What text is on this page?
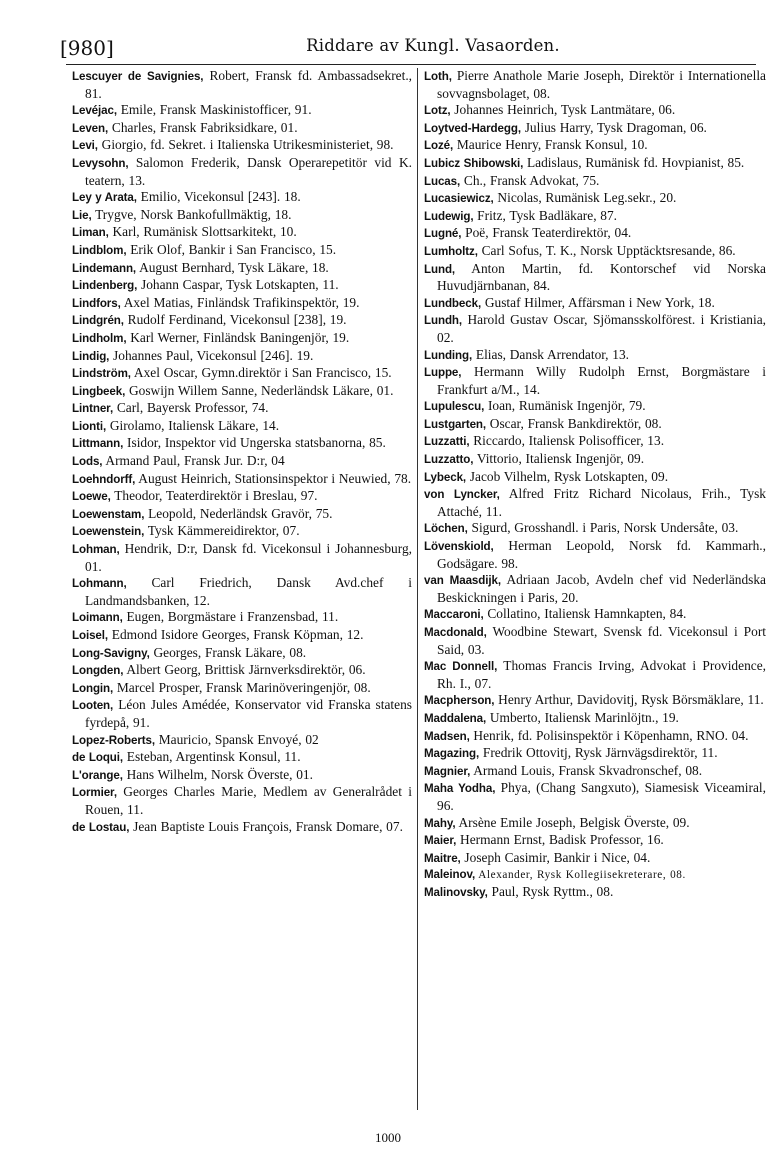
[980]	Riddare av Kungl. Vasaorden.

Lescuyer de Savignies, Robert, Fransk fd. Ambassadsekret., 81.

Levéjac, Emile, Fransk Maskinistofficer, 91.

Leven, Charles, Fransk Fabriksidkare, 01.

Levi, Giorgio, fd. Sekret. i Italienska Utrikesministeriet, 98.

Levysohn, Salomon Frederik, Dansk Operarepetitör vid K. teatern, 13.

Ley y Arata, Emilio, Vicekonsul [243]. 18.

Lie, Trygve, Norsk Bankofullmäktig, 18.

Liman, Karl, Rumänisk Slottsarkitekt, 10.

Lindblom, Erik Olof, Bankir i San Francisco, 15.

Lindemann, August Bernhard, Tysk Läkare, 18.

Lindenberg, Johann Caspar, Tysk Lotskapten, 11.

Lindfors, Axel Matias, Finländsk Trafikinspektör, 19.

Lindgrén, Rudolf Ferdinand, Vicekonsul [238], 19.

Lindholm, Karl Werner, Finländsk Baningenjör, 19.

Lindig, Johannes Paul, Vicekonsul [246]. 19.

Lindström, Axel Oscar, Gymn.direktör i San Francisco, 15.

Lingbeek, Goswijn Willem Sanne, Nederländsk Läkare, 01.

Lintner, Carl, Bayersk Professor, 74.

Lionti, Girolamo, Italiensk Läkare, 14.

Littmann, Isidor, Inspektor vid Ungerska statsbanorna, 85.

Lods, Armand Paul, Fransk Jur. D:r, 04

Loehndorff, August Heinrich, Stationsinspektor i Neuwied, 78.

Loewe, Theodor, Teaterdirektör i Breslau, 97.

Loewenstam, Leopold, Nederländsk Gravör, 75.

Loewenstein, Tysk Kämmereidirektor, 07.

Lohman, Hendrik, D:r, Dansk fd. Vicekonsul i Johannesburg, 01.

Lohmann, Carl Friedrich, Dansk Avd.chef i Landmandsbanken, 12.

Loimann, Eugen, Borgmästare i Franzensbad, 11.

Loisel, Edmond Isidore Georges, Fransk Köpman, 12.

Long-Savigny, Georges, Fransk Läkare, 08.

Longden, Albert Georg, Brittisk Järnverksdirektör, 06.

Longin, Marcel Prosper, Fransk Marinöveringenjör, 08.

Looten, Léon Jules Amédée, Konservator vid Franska statens fyrdepå, 91.

Lopez-Roberts, Mauricio, Spansk Envoyé, 02

de Loqui, Esteban, Argentinsk Konsul, 11.

L'orange, Hans Wilhelm, Norsk Överste, 01.

Lormier, Georges Charles Marie, Medlem av Generalrådet i Rouen, 11.

de Lostau, Jean Baptiste Louis François, Fransk Domare, 07.

Loth, Pierre Anathole Marie Joseph, Direktör i Internationella sovvagnsbolaget, 08.

Lotz, Johannes Heinrich, Tysk Lantmätare, 06.

Loytved-Hardegg, Julius Harry, Tysk Dragoman, 06.

Lozé, Maurice Henry, Fransk Konsul, 10.

Lubicz Shibowski, Ladislaus, Rumänisk fd. Hovpianist, 85.

Lucas, Ch., Fransk Advokat, 75.

Lucasiewicz, Nicolas, Rumänisk Leg.sekr., 20.

Ludewig, Fritz, Tysk Badläkare, 87.

Lugné, Poë, Fransk Teaterdirektör, 04.

Lumholtz, Carl Sofus, T. K., Norsk Upptäcktsresande, 86.

Lund, Anton Martin, fd. Kontorschef vid Norska Huvudjärnbanan, 84.

Lundbeck, Gustaf Hilmer, Affärsman i New York, 18.

Lundh, Harold Gustav Oscar, Sjömansskolförest. i Kristiania, 02.

Lunding, Elias, Dansk Arrendator, 13.

Luppe, Hermann Willy Rudolph Ernst, Borgmästare i Frankfurt a/M., 14.

Lupulescu, Ioan, Rumänisk Ingenjör, 79.

Lustgarten, Oscar, Fransk Bankdirektör, 08.

Luzzatti, Riccardo, Italiensk Polisofficer, 13.

Luzzatto, Vittorio, Italiensk Ingenjör, 09.

Lybeck, Jacob Vilhelm, Rysk Lotskapten, 09.

von Lyncker, Alfred Fritz Richard Nicolaus, Frih., Tysk Attaché, 11.

Löchen, Sigurd, Grosshandl. i Paris, Norsk Undersåte, 03.

Lövenskiold, Herman Leopold, Norsk fd. Kammarh., Godsägare. 98.

van Maasdijk, Adriaan Jacob, Avdeln chef vid Nederländska Beskickningen i Paris, 20.

Maccaroni, Collatino, Italiensk Hamnkapten, 84.

Macdonald, Woodbine Stewart, Svensk fd. Vicekonsul i Port Said, 03.

Mac Donnell, Thomas Francis Irving, Advokat i Providence, Rh. I., 07.

Macpherson, Henry Arthur, Davidovitj, Rysk Börsmäklare, 11.

Maddalena, Umberto, Italiensk Marinlöjtn., 19.

Madsen, Henrik, fd. Polisinspektör i Köpenhamn, RNO. 04.

Magazing, Fredrik Ottovitj, Rysk Järnvägsdirektör, 11.

Magnier, Armand Louis, Fransk Skvadronschef, 08.

Maha Yodha, Phya, (Chang Sangxuto), Siamesisk Viceamiral, 96.

Mahy, Arsène Emile Joseph, Belgisk Överste, 09.

Maier, Hermann Ernst, Badisk Professor, 16.

Maitre, Joseph Casimir, Bankir i Nice, 04.

Maleinov, Alexander, Rysk Kollegiisekreterare, 08.

Malinovsky, Paul, Rysk Ryttm., 08.

1000
